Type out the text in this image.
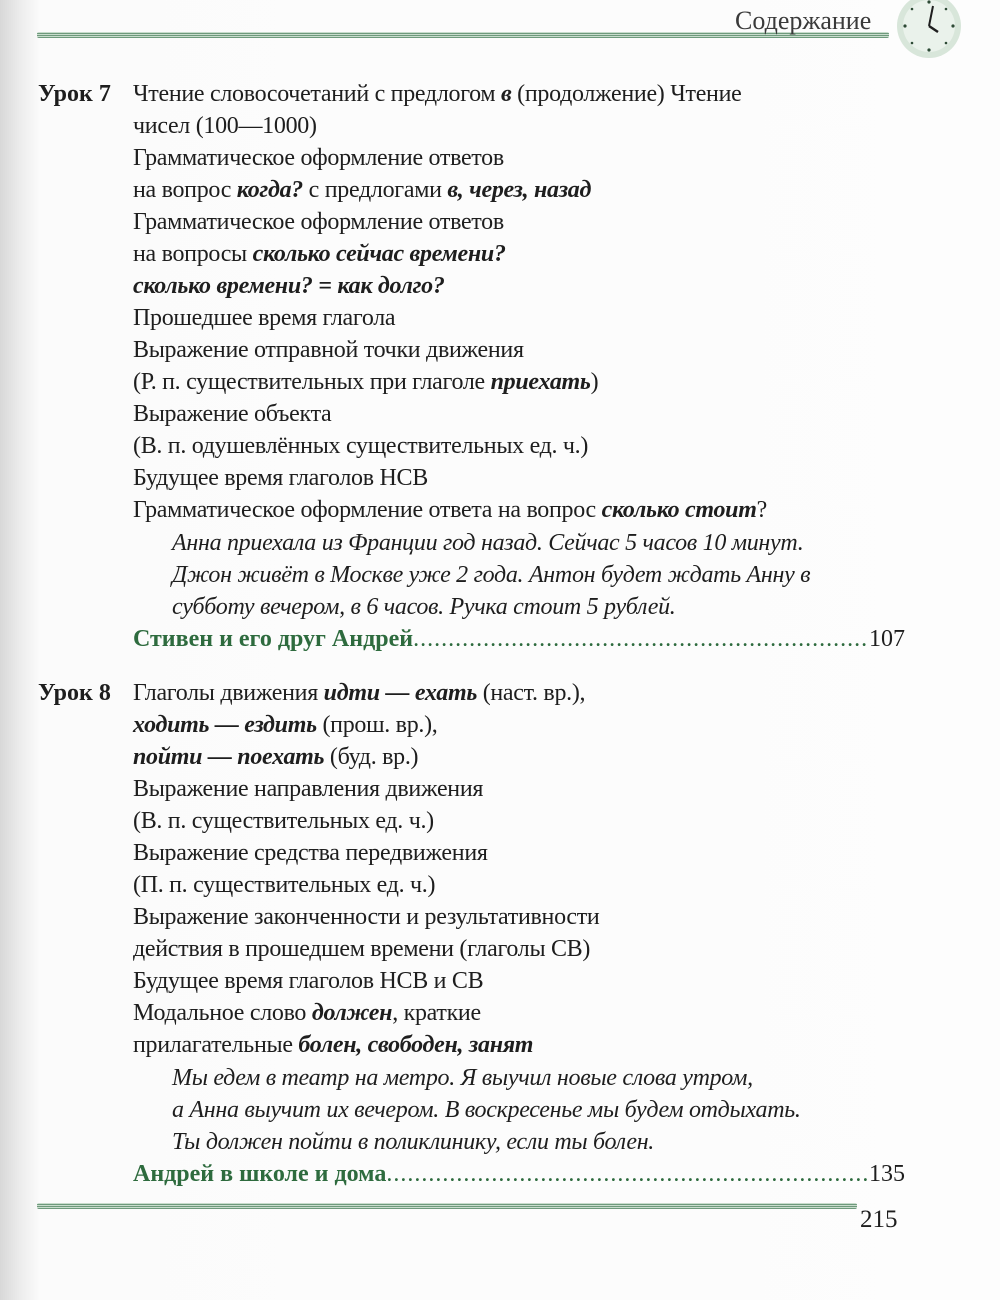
Содержание
Урок 7 Чтение словосочетаний с предлогом в (продолжение) Чтение
чисел (100—1000)
Грамматическое оформление ответов
на вопрос когда? с предлогами в, через, назад
Грамматическое оформление ответов
на вопросы сколько сейчас времени?
сколько времени? = как долго?
Прошедшее время глагола
Выражение отправной точки движения
(Р. п. существительных при глаголе приехать)
Выражение объекта
(В. п. одушевлённых существительных ед. ч.)
Будущее время глаголов НСВ
Грамматическое оформление ответа на вопрос сколько стоит?
Анна приехала из Франции год назад. Сейчас 5 часов 10 минут.
Джон живёт в Москве уже 2 года. Антон будет ждать Анну в
субботу вечером, в 6 часов. Ручка стоит 5 рублей.
Стивен и его друг Андрей .....	107
Урок 8 Глаголы движения идти — ехать (наст. вр.),
ходить — ездить (прош. вр.),
пойти — поехать (буд. вр.)
Выражение направления движения
(В. п. существительных ед. ч.)
Выражение средства передвижения
(П. п. существительных ед. ч.)
Выражение законченности и результативности
действия в прошедшем времени (глаголы СВ)
Будущее время глаголов НСВ и СВ
Модальное слово должен, краткие
прилагательные болен, свободен, занят
Мы едем в театр на метро. Я выучил новые слова утром,
а Анна выучит их вечером. В воскресенье мы будем отдыхать.
Ты должен пойти в поликлинику, если ты болен.
Андрей в школе и дома .....	135
215
